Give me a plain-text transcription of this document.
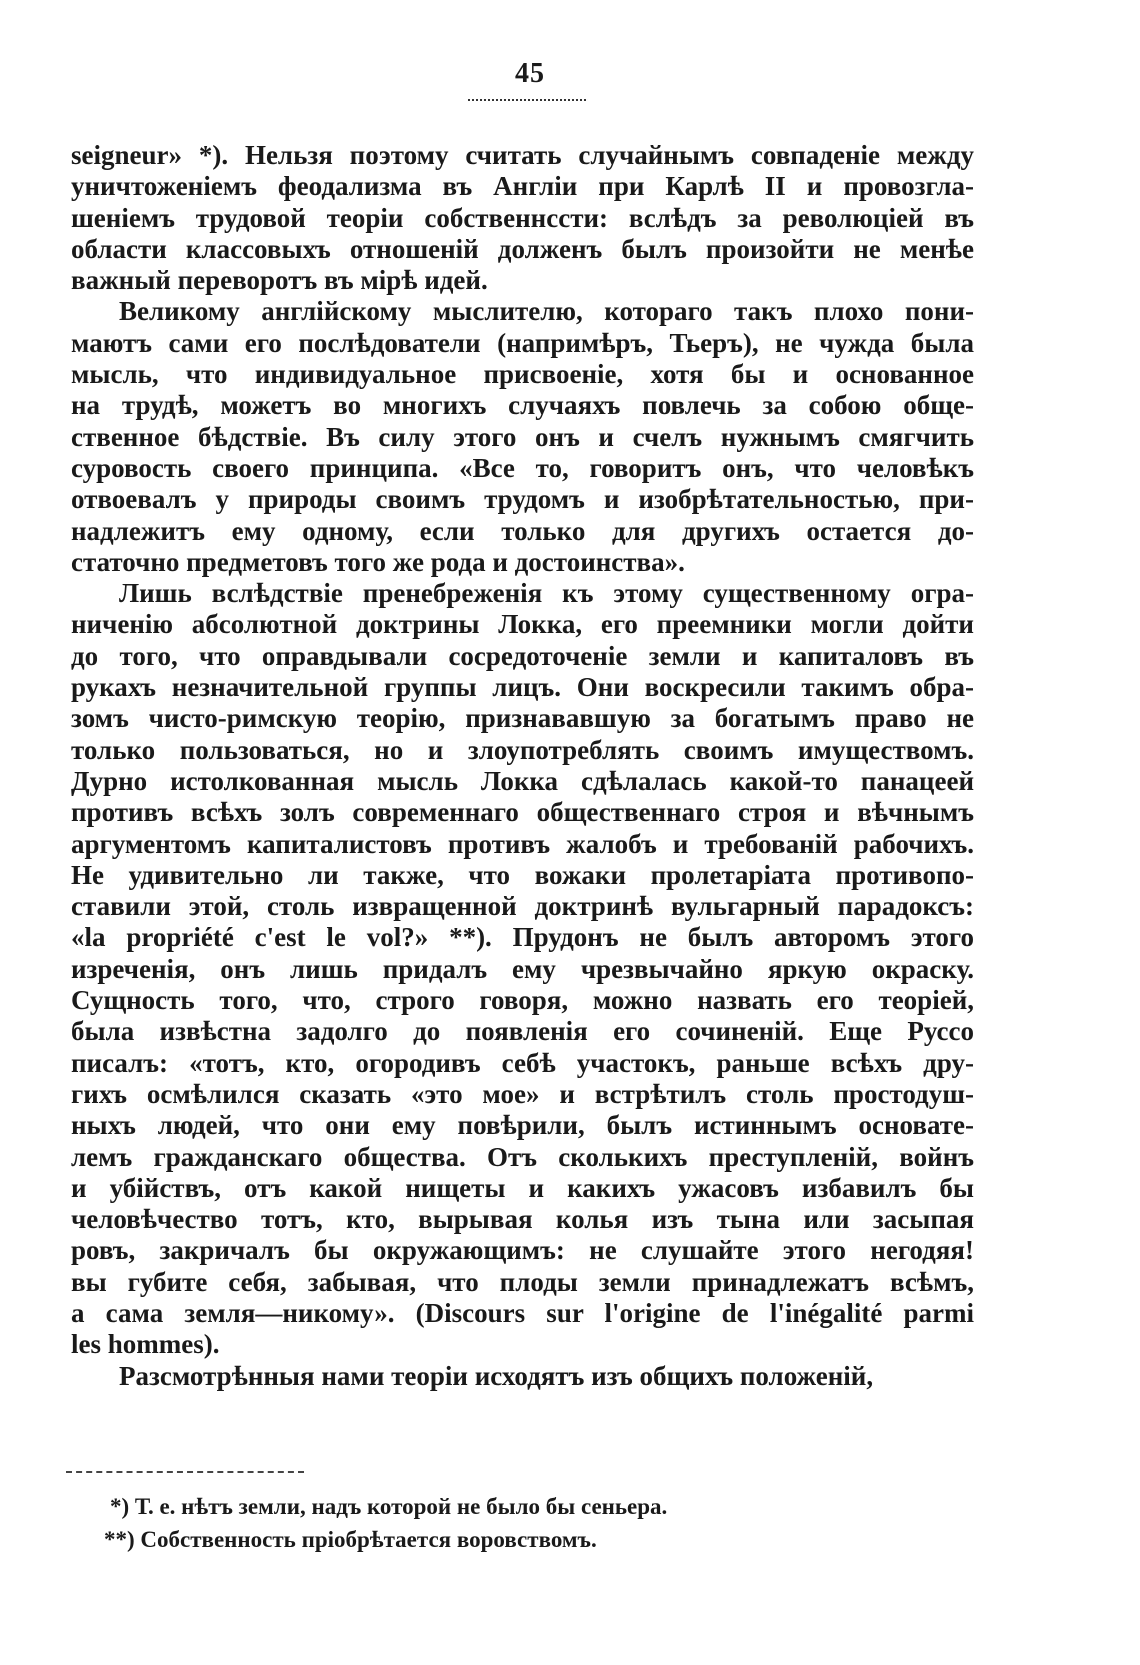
45
seigneur» *). Нельзя поэтому считать случайнымъ совпаденіе между
уничтоженіемъ феодализма въ Англіи при Карлѣ II и провозгла-
шеніемъ трудовой теоріи собственнсcти: вслѣдъ за революціей въ
области классовыхъ отношеній долженъ былъ произойти не менѣе
важный переворотъ въ мірѣ идей.
Великому англійскому мыслителю, котораго такъ плохо пони-
маютъ сами его послѣдователи (напримѣръ, Тьеръ), не чужда была
мысль, что индивидуальное присвоеніе, хотя бы и основанное
на трудѣ, можетъ во многихъ случаяхъ повлечь за собою обще-
ственное бѣдствіе. Въ силу этого онъ и счелъ нужнымъ смягчить
суровость своего принципа. «Все то, говоритъ онъ, что человѣкъ
отвоевалъ у природы своимъ трудомъ и изобрѣтательностью, при-
надлежитъ ему одному, если только для другихъ остается до-
статочно предметовъ того же рода и достоинства».
Лишь вслѣдствіе пренебреженія къ этому существенному огра-
ниченію абсолютной доктрины Локка, его преемники могли дойти
до того, что оправдывали сосредоточеніе земли и капиталовъ въ
рукахъ незначительной группы лицъ. Они воскресили такимъ обра-
зомъ чисто-римскую теорію, признававшую за богатымъ право не
только пользоваться, но и злоупотреблять своимъ имуществомъ.
Дурно истолкованная мысль Локка сдѣлалась какой-то панацеей
противъ всѣхъ золъ современнаго общественнаго строя и вѣчнымъ
аргументомъ капиталистовъ противъ жалобъ и требованій рабочихъ.
Не удивительно ли также, что вожаки пролетаріата противопо-
ставили этой, столь извращенной доктринѣ вульгарный парадоксъ:
«la propriété c'est le vol?» **). Прудонъ не былъ авторомъ этого
изреченія, онъ лишь придалъ ему чрезвычайно яркую окраску.
Сущность того, что, строго говоря, можно назвать его теоріей,
была извѣстна задолго до появленія его сочиненій. Еще Руссо
писалъ: «тотъ, кто, огородивъ себѣ участокъ, раньше всѣхъ дру-
гихъ осмѣлился сказать «это мое» и встрѣтилъ столь простодуш-
ныхъ людей, что они ему повѣрили, былъ истиннымъ основате-
лемъ гражданскаго общества. Отъ сколькихъ преступленій, войнъ
и убійствъ, отъ какой нищеты и какихъ ужасовъ избавилъ бы
человѣчество тотъ, кто, вырывая колья изъ тына или засыпая
ровъ, закричалъ бы окружающимъ: не слушайте этого негодяя!
вы губите себя, забывая, что плоды земли принадлежатъ всѣмъ,
а сама земля—никому». (Discours sur l'origine de l'inégalité parmi
les hommes).
Разсмотрѣнныя нами теоріи исходятъ изъ общихъ положеній,
*) Т. е. нѣтъ земли, надъ которой не было бы сеньера.
**) Собственность пріобрѣтается воровствомъ.
